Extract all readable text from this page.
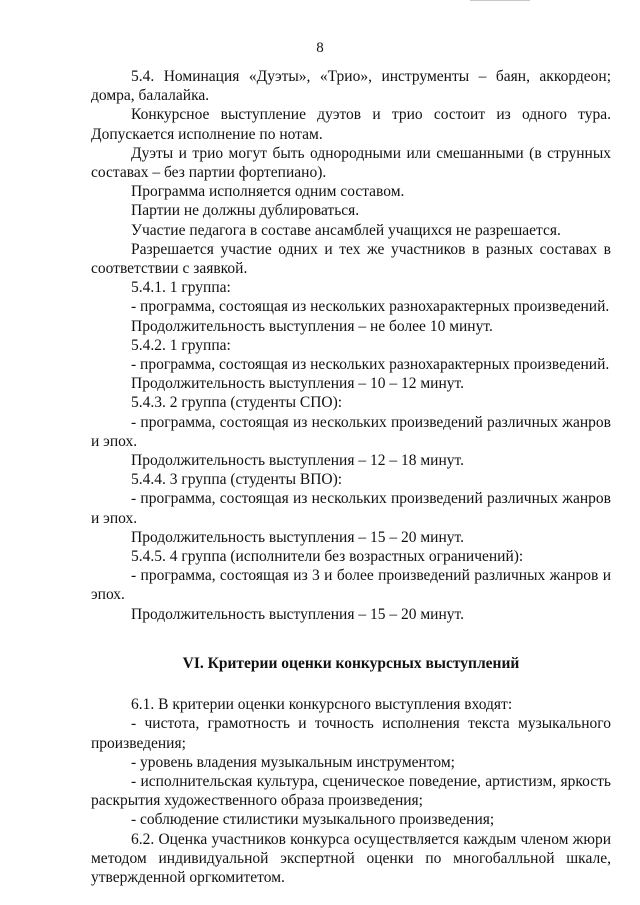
8

5.4. Номинация «Дуэты», «Трио», инструменты – баян, аккордеон; домра, балалайка.

Конкурсное выступление дуэтов и трио состоит из одного тура. Допускается исполнение по нотам.

Дуэты и трио могут быть однородными или смешанными (в струнных составах – без партии фортепиано).

Программа исполняется одним составом.

Партии не должны дублироваться.

Участие педагога в составе ансамблей учащихся не разрешается.

Разрешается участие одних и тех же участников в разных составах в соответствии с заявкой.

5.4.1. 1 группа:

- программа, состоящая из нескольких разнохарактерных произведений.

Продолжительность выступления – не более 10 минут.

5.4.2. 1 группа:

- программа, состоящая из нескольких разнохарактерных произведений.

Продолжительность выступления – 10 – 12 минут.

5.4.3. 2 группа (студенты СПО):

- программа, состоящая из нескольких произведений различных жанров и эпох.

Продолжительность выступления – 12 – 18 минут.

5.4.4. 3 группа (студенты ВПО):

- программа, состоящая из нескольких произведений различных жанров и эпох.

Продолжительность выступления – 15 – 20 минут.

5.4.5. 4 группа (исполнители без возрастных ограничений):

- программа, состоящая из 3 и более произведений различных жанров и эпох.

Продолжительность выступления – 15 – 20 минут.

VI. Критерии оценки конкурсных выступлений

6.1. В критерии оценки конкурсного выступления входят:

- чистота, грамотность и точность исполнения текста музыкального произведения;

- уровень владения музыкальным инструментом;

- исполнительская культура, сценическое поведение, артистизм, яркость раскрытия художественного образа произведения;

- соблюдение стилистики музыкального произведения;

6.2. Оценка участников конкурса осуществляется каждым членом жюри методом индивидуальной экспертной оценки по многобалльной шкале, утвержденной оргкомитетом.
